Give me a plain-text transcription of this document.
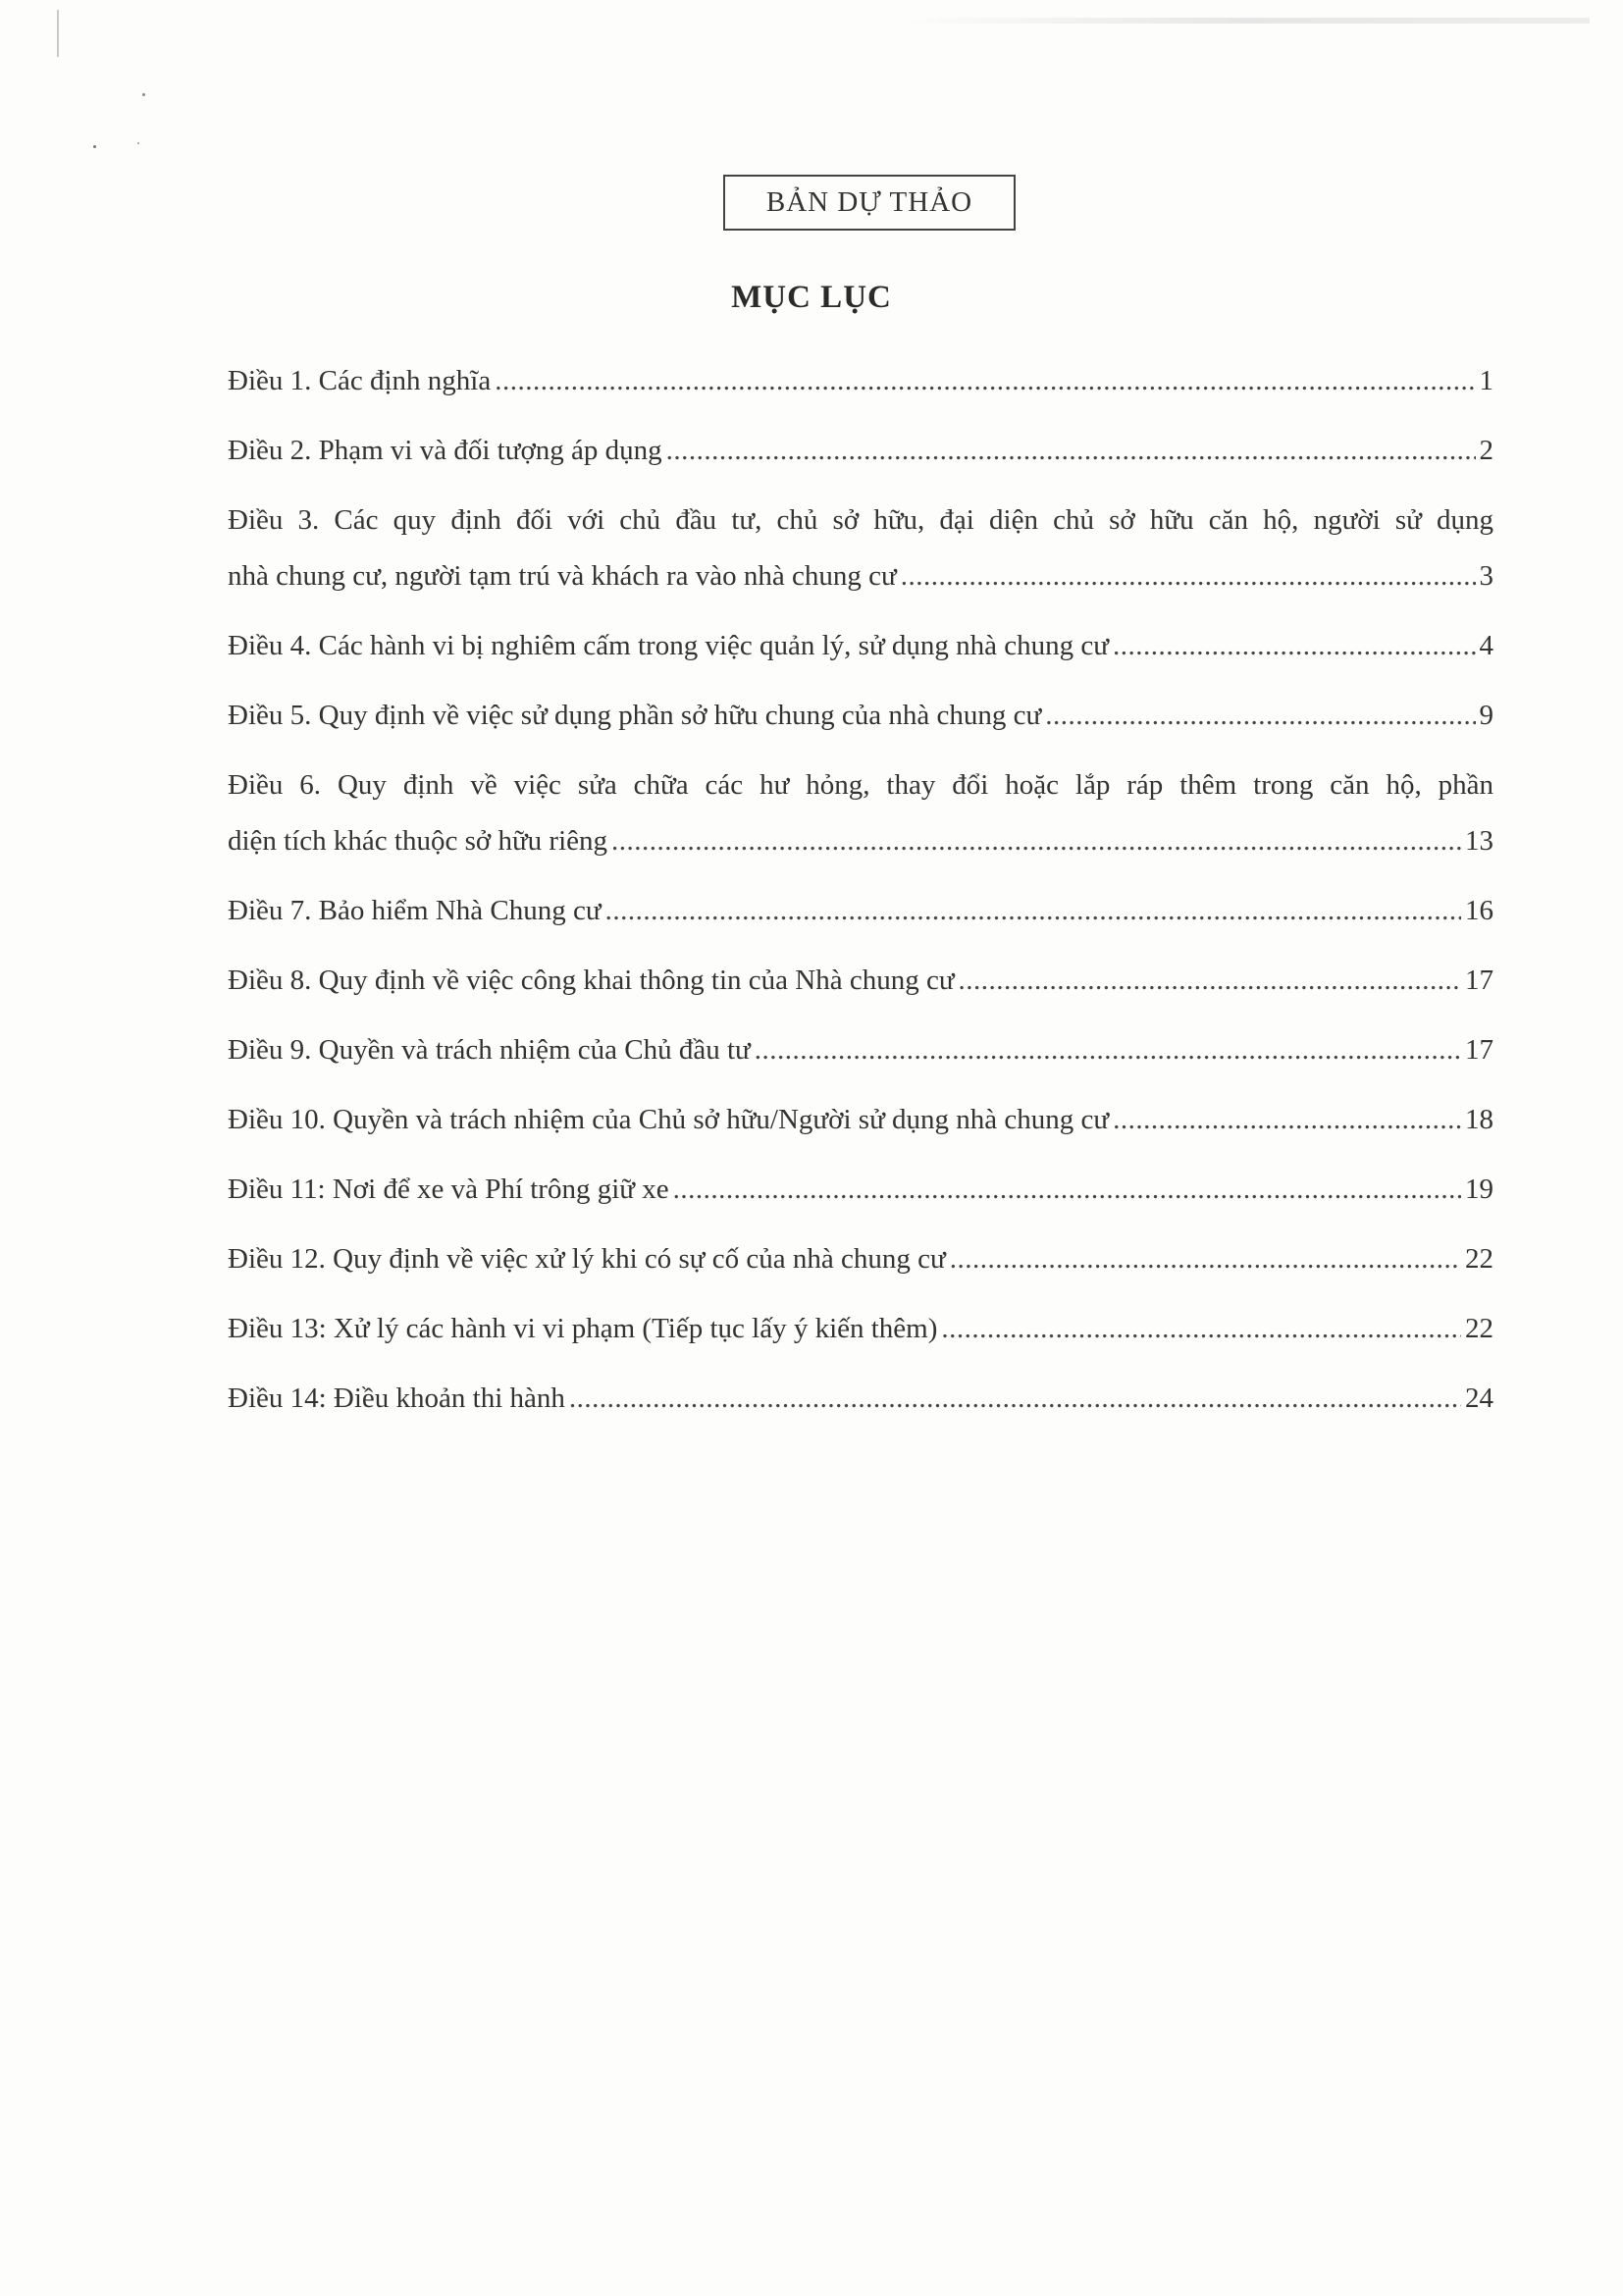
BẢN DỰ THẢO
MỤC LỤC
Điều 1. Các định nghĩa .....	1
Điều 2. Phạm vi và đối tượng áp dụng .....	2
Điều 3. Các quy định đối với chủ đầu tư, chủ sở hữu, đại diện chủ sở hữu căn hộ, người sử dụng
nhà chung cư, người tạm trú và khách ra vào nhà chung cư .....	3
Điều 4. Các hành vi bị nghiêm cấm trong việc quản lý, sử dụng nhà chung cư .....	4
Điều 5. Quy định về việc sử dụng phần sở hữu chung của nhà chung cư .....	9
Điều 6. Quy định về việc sửa chữa các hư hỏng, thay đổi hoặc lắp ráp thêm trong căn hộ, phần
diện tích khác thuộc sở hữu riêng .....	13
Điều 7. Bảo hiểm Nhà Chung cư .....	16
Điều 8. Quy định về việc công khai thông tin của Nhà chung cư .....	17
Điều 9. Quyền và trách nhiệm của Chủ đầu tư .....	17
Điều 10. Quyền và trách nhiệm của Chủ sở hữu/Người sử dụng nhà chung cư .....	18
Điều 11: Nơi để xe và Phí trông giữ xe .....	19
Điều 12. Quy định về việc xử lý khi có sự cố của nhà chung cư .....	22
Điều 13: Xử lý các hành vi vi phạm (Tiếp tục lấy ý kiến thêm) .....	22
Điều 14: Điều khoản thi hành .....	24
